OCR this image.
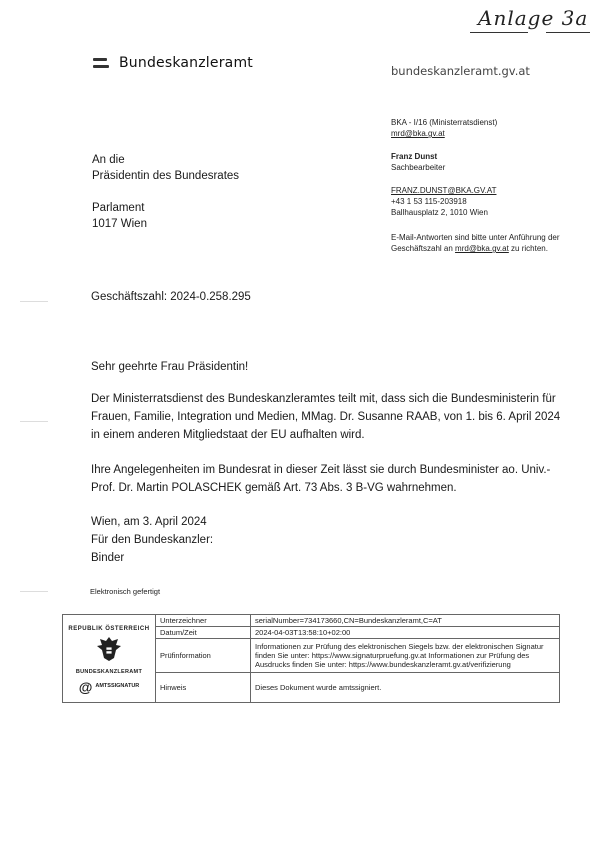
Anlage 3a
Bundeskanzleramt	bundeskanzleramt.gv.at
BKA - I/16 (Ministerratsdienst)
mrd@bka.gv.at
Franz Dunst
Sachbearbeiter
FRANZ.DUNST@BKA.GV.AT
+43 1 53 115-203918
Ballhausplatz 2, 1010 Wien
E-Mail-Antworten sind bitte unter Anführung der Geschäftszahl an mrd@bka.gv.at zu richten.
An die
Präsidentin des Bundesrates
Parlament
1017 Wien
Geschäftszahl: 2024-0.258.295
Sehr geehrte Frau Präsidentin!
Der Ministerratsdienst des Bundeskanzleramtes teilt mit, dass sich die Bundesministerin für Frauen, Familie, Integration und Medien, MMag. Dr. Susanne RAAB, von 1. bis 6. April 2024 in einem anderen Mitgliedstaat der EU aufhalten wird.
Ihre Angelegenheiten im Bundesrat in dieser Zeit lässt sie durch Bundesminister ao. Univ.-Prof. Dr. Martin POLASCHEK gemäß Art. 73 Abs. 3 B-VG wahrnehmen.
Wien, am 3. April 2024
Für den Bundeskanzler:
Binder
Elektronisch gefertigt
REPUBLIK ÖSTERREICH
BUNDESKANZLERAMT
@ AMTSSIGNATUR	Unterzeichner	serialNumber=734173660,CN=Bundeskanzleramt,C=AT
	Datum/Zeit	2024-04-03T13:58:10+02:00
	Prüfinformation	Informationen zur Prüfung des elektronischen Siegels bzw. der elektronischen Signatur finden Sie unter: https://www.signaturpruefung.gv.at Informationen zur Prüfung des Ausdrucks finden Sie unter: https://www.bundeskanzleramt.gv.at/verifizierung
	Hinweis	Dieses Dokument wurde amtssigniert.
